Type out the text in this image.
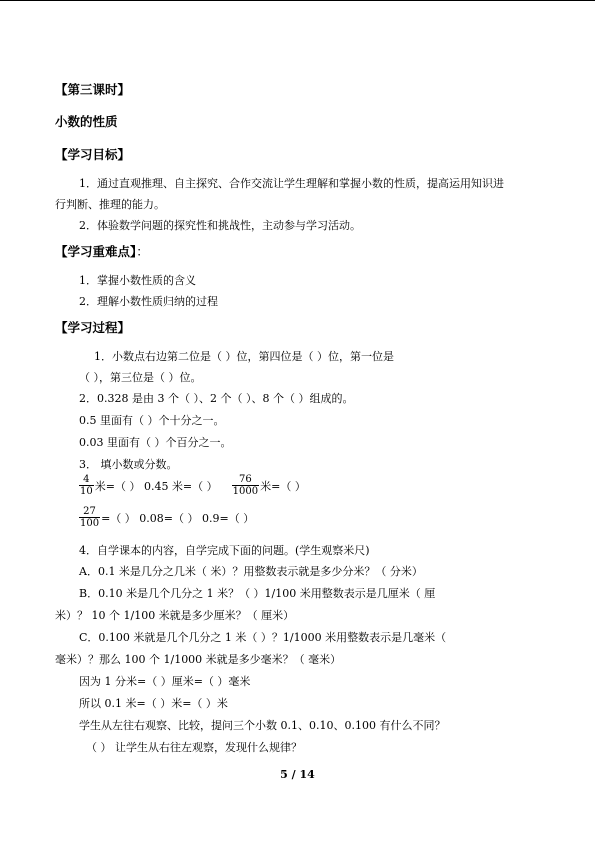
【第三课时】
小数的性质
【学习目标】
1．通过直观推理、自主探究、合作交流让学生理解和掌握小数的性质，提高运用知识进
行判断、推理的能力。
2．体验数学问题的探究性和挑战性，主动参与学习活动。
【学习重难点】：
1．掌握小数性质的含义
2．理解小数性质归纳的过程
【学习过程】
1．小数点右边第二位是（ ）位，第四位是（ ）位，第一位是
（ ），第三位是（ ）位。
2．0.328 是由 3 个（ ）、2 个（ ）、8 个（ ）组成的。
0.5 里面有（ ）个十分之一。
0.03 里面有（ ）个百分之一。
3． 填小数或分数。
$\frac{4}{10}$ 米=（ ） 0.45 米=（ ） $\frac{76}{1000}$ 米=（ ）
$\frac{27}{100}$ =（ ） 0.08=（ ） 0.9=（ ）
4．自学课本的内容，自学完成下面的问题。(学生观察米尺)
A．0.1 米是几分之几米（ 米）？用整数表示就是多少分米？（ 分米）
B．0.10 米是几个几分之 1 米？（ ）1/100 米用整数表示是几厘米（ 厘
米）？ 10 个 1/100 米就是多少厘米？（ 厘米）
C．0.100 米就是几个几分之 1 米（ ）？1/1000 米用整数表示是几毫米（
毫米）？那么 100 个 1/1000 米就是多少毫米？（ 毫米）
因为 1 分米=（ ）厘米=（ ）毫米
所以 0.1 米=（ ）米=（ ）米
学生从左往右观察、比较，提问三个小数 0.1、0.10、0.100 有什么不同？
（ ） 让学生从右往左观察，发现什么规律？
5 / 14
